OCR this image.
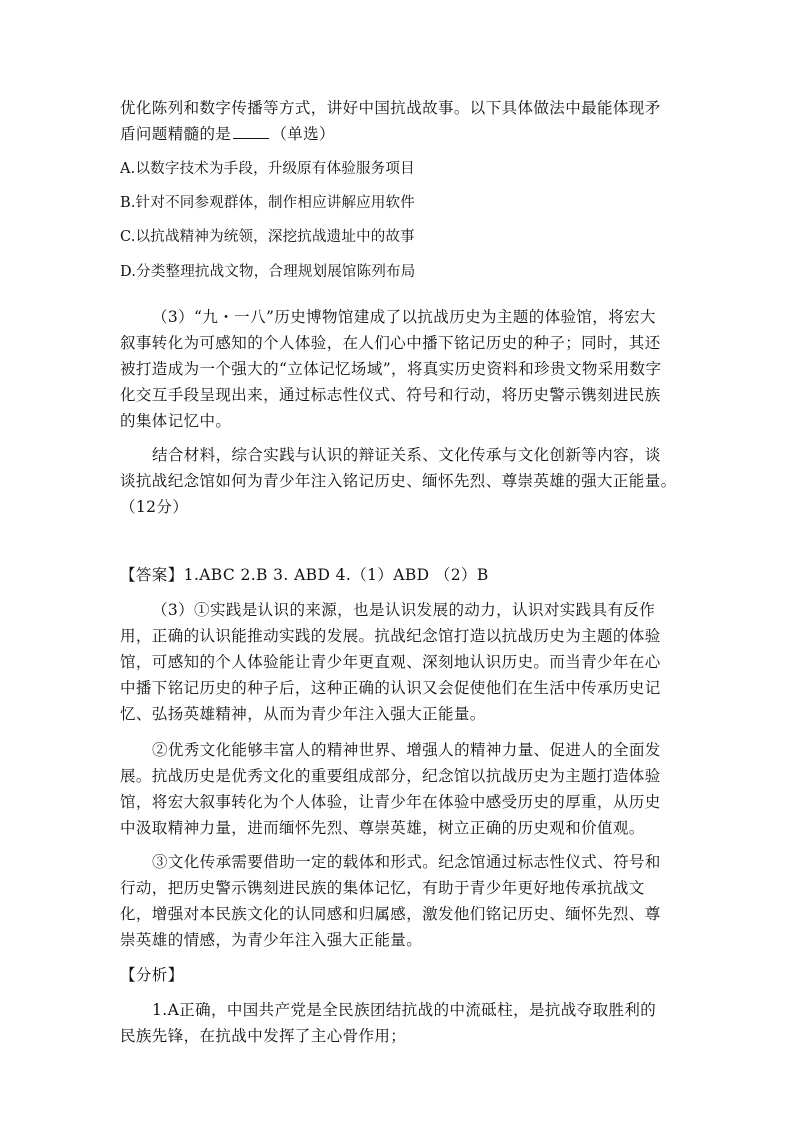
优化陈列和数字传播等方式，讲好中国抗战故事。以下具体做法中最能体现矛
盾问题精髓的是	（单选）
A.以数字技术为手段，升级原有体验服务项目
B.针对不同参观群体，制作相应讲解应用软件
C.以抗战精神为统领，深挖抗战遗址中的故事
D.分类整理抗战文物，合理规划展馆陈列布局
（3）“九・一八”历史博物馆建成了以抗战历史为主题的体验馆，将宏大
叙事转化为可感知的个人体验，在人们心中播下铭记历史的种子；同时，其还
被打造成为一个强大的“立体记忆场域”，将真实历史资料和珍贵文物采用数字
化交互手段呈现出来，通过标志性仪式、符号和行动，将历史警示镌刻进民族
的集体记忆中。
结合材料，综合实践与认识的辩证关系、文化传承与文化创新等内容，谈
谈抗战纪念馆如何为青少年注入铭记历史、缅怀先烈、尊崇英雄的强大正能量。
（12分）
【答案】1.ABC 2.B 3. ABD 4.（1）ABD （2）B
（3）①实践是认识的来源，也是认识发展的动力，认识对实践具有反作
用，正确的认识能推动实践的发展。抗战纪念馆打造以抗战历史为主题的体验
馆，可感知的个人体验能让青少年更直观、深刻地认识历史。而当青少年在心
中播下铭记历史的种子后，这种正确的认识又会促使他们在生活中传承历史记
忆、弘扬英雄精神，从而为青少年注入强大正能量。
②优秀文化能够丰富人的精神世界、增强人的精神力量、促进人的全面发
展。抗战历史是优秀文化的重要组成部分，纪念馆以抗战历史为主题打造体验
馆，将宏大叙事转化为个人体验，让青少年在体验中感受历史的厚重，从历史
中汲取精神力量，进而缅怀先烈、尊崇英雄，树立正确的历史观和价值观。
③文化传承需要借助一定的载体和形式。纪念馆通过标志性仪式、符号和
行动，把历史警示镌刻进民族的集体记忆，有助于青少年更好地传承抗战文
化，增强对本民族文化的认同感和归属感，激发他们铭记历史、缅怀先烈、尊
崇英雄的情感，为青少年注入强大正能量。
【分析】
1.A正确，中国共产党是全民族团结抗战的中流砥柱，是抗战夺取胜利的
民族先锋，在抗战中发挥了主心骨作用；
